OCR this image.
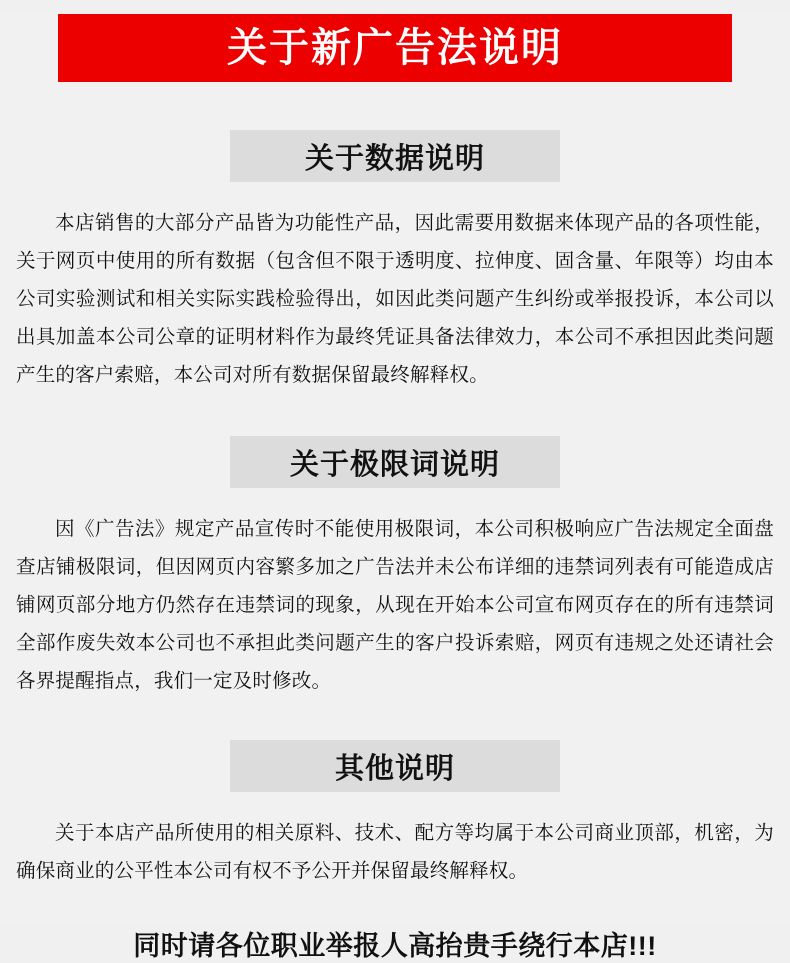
关于新广告法说明
关于数据说明

本店销售的大部分产品皆为功能性产品，因此需要用数据来体现产品的各项性能，关于网页中使用的所有数据（包含但不限于透明度、拉伸度、固含量、年限等）均由本公司实验测试和相关实际实践检验得出，如因此类问题产生纠纷或举报投诉，本公司以出具加盖本公司公章的证明材料作为最终凭证具备法律效力，本公司不承担因此类问题产生的客户索赔，本公司对所有数据保留最终解释权。

关于极限词说明

因《广告法》规定产品宣传时不能使用极限词，本公司积极响应广告法规定全面盘查店铺极限词，但因网页内容繁多加之广告法并未公布详细的违禁词列表有可能造成店铺网页部分地方仍然存在违禁词的现象，从现在开始本公司宣布网页存在的所有违禁词全部作废失效本公司也不承担此类问题产生的客户投诉索赔，网页有违规之处还请社会各界提醒指点，我们一定及时修改。

其他说明

关于本店产品所使用的相关原料、技术、配方等均属于本公司商业顶部，机密，为确保商业的公平性本公司有权不予公开并保留最终解释权。

同时请各位职业举报人高抬贵手绕行本店!!!
